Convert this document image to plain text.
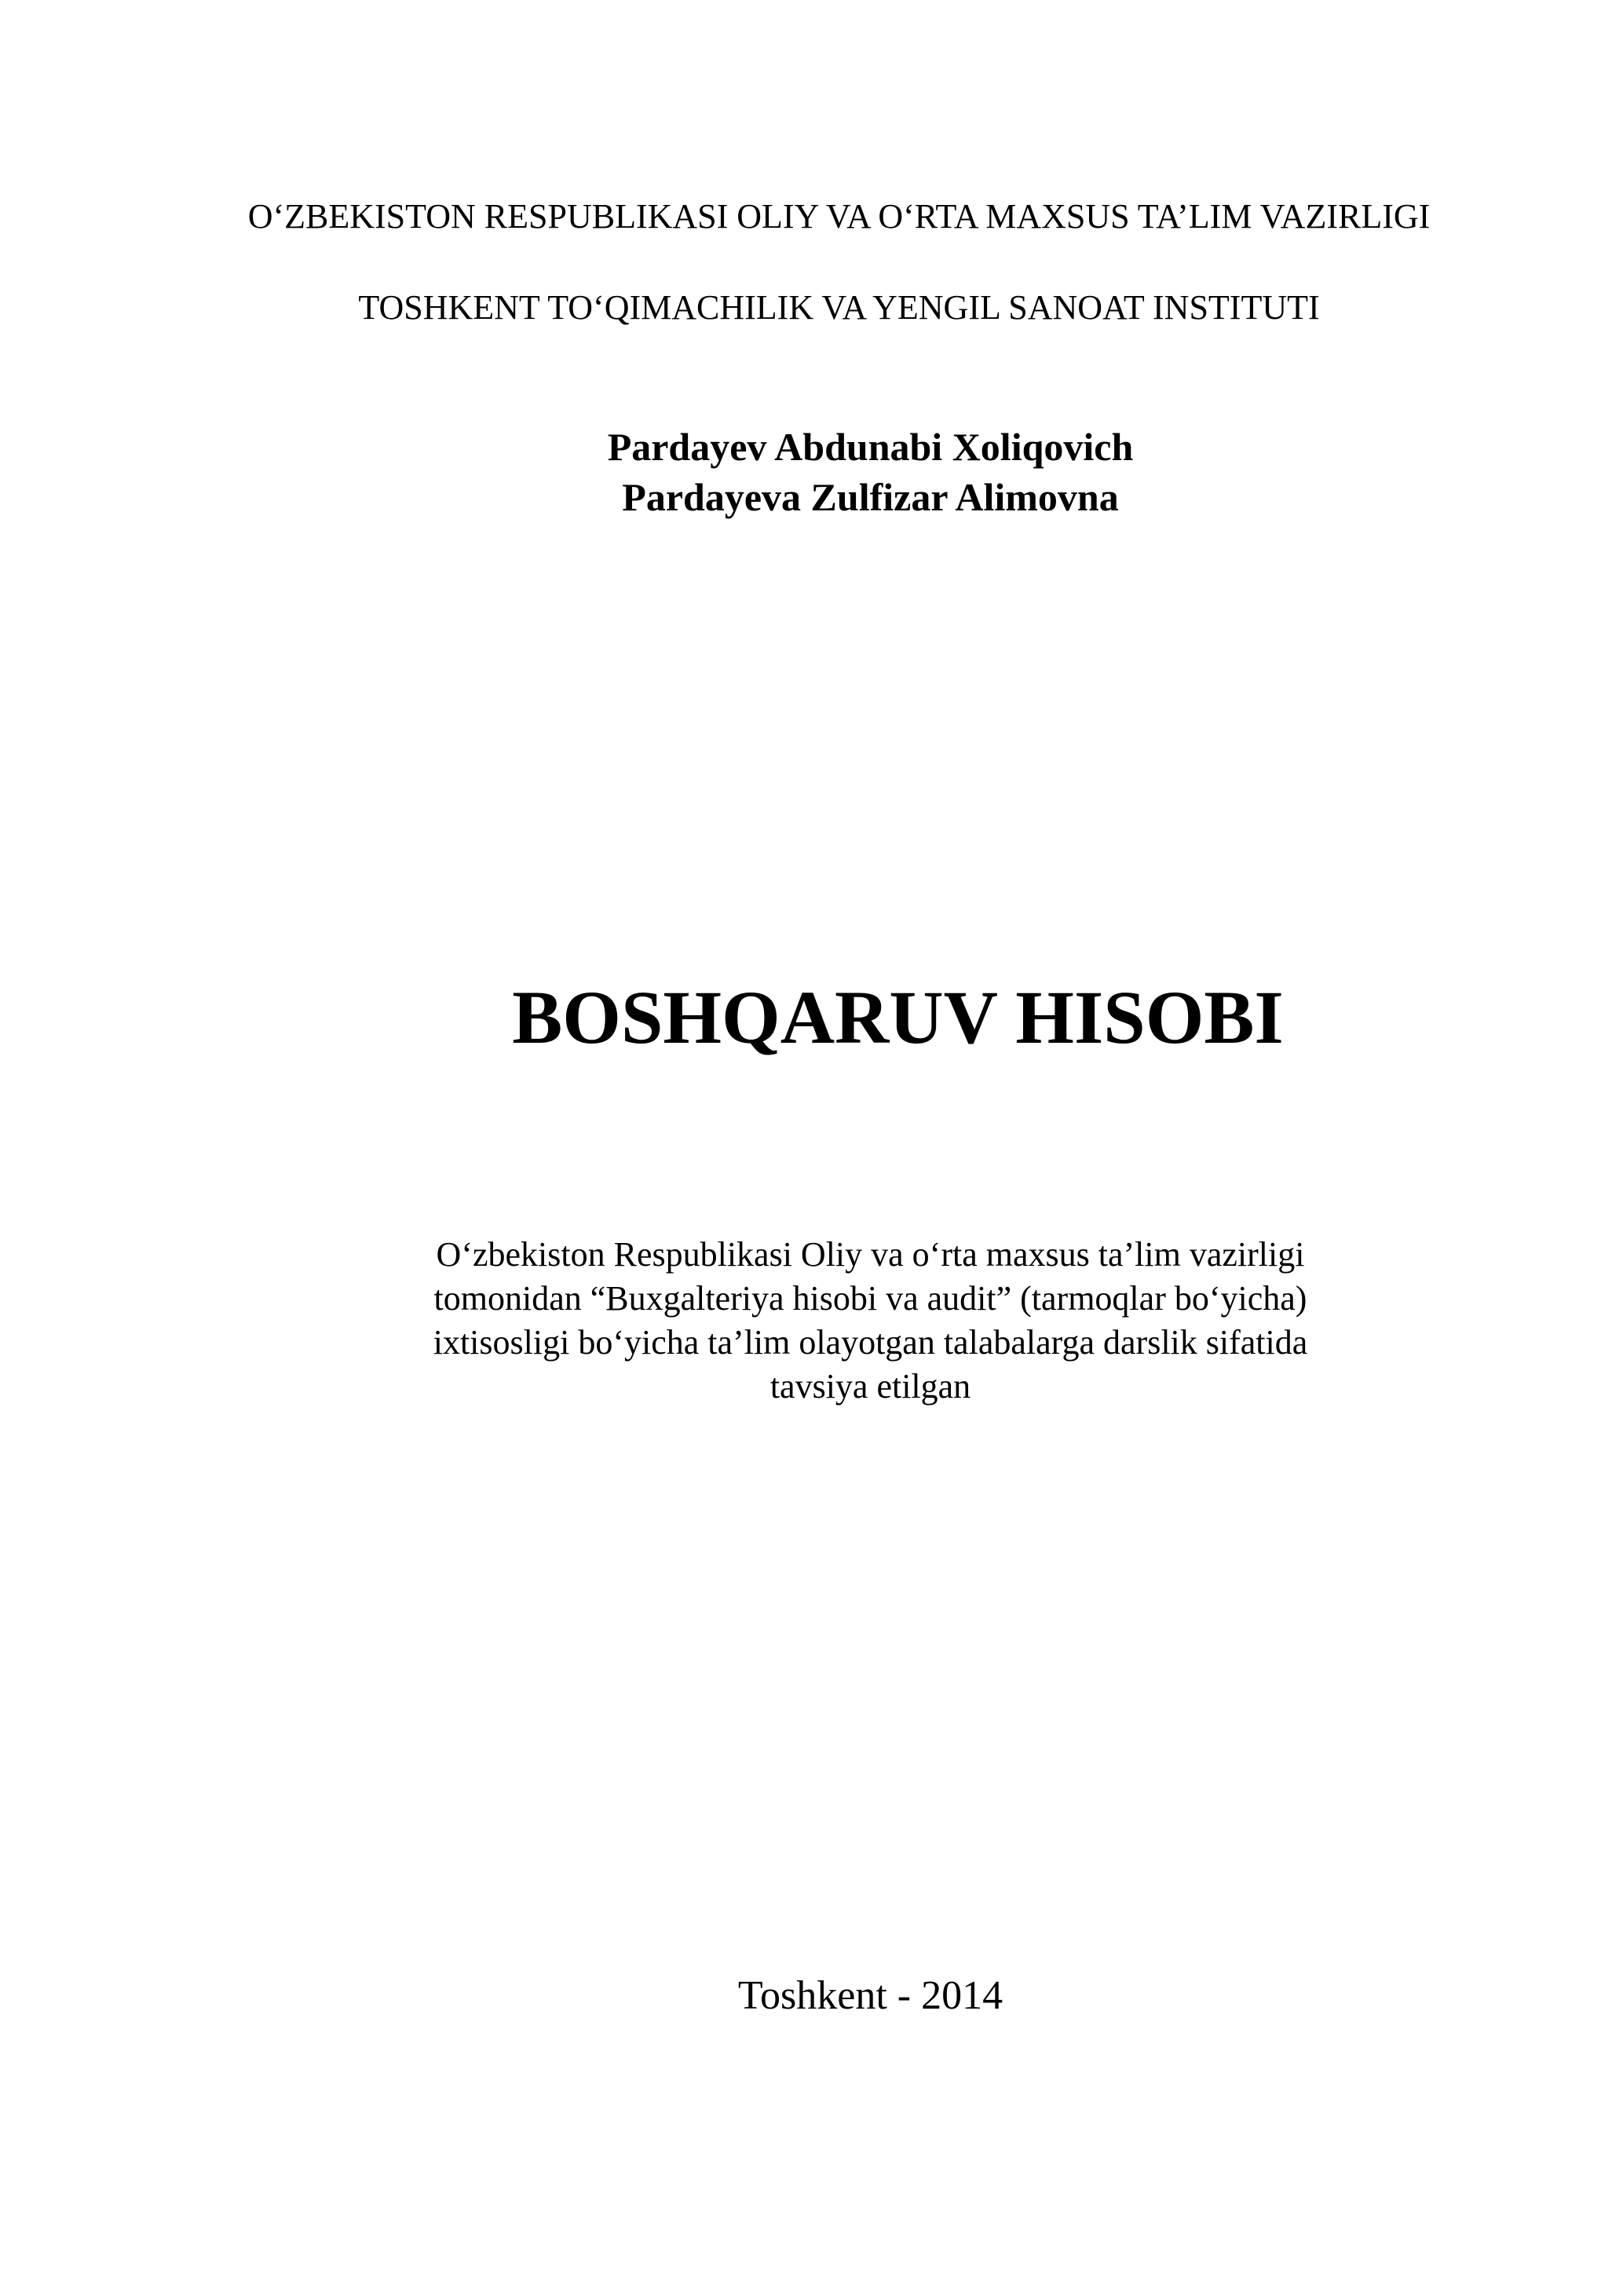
O‘ZBEKISTON RESPUBLIKASI OLIY VA O‘RTA MAXSUS TA’LIM VAZIRLIGI
TOSHKENT TO‘QIMACHILIK VA YENGIL SANOAT INSTITUTI
Pardayev Abdunabi Xoliqovich
Pardayeva Zulfizar Alimovna
BOSHQARUV HISOBI
O‘zbekiston Respublikasi Oliy va o‘rta maxsus ta’lim vazirligi
tomonidan “Buxgalteriya hisobi va audit” (tarmoqlar bo‘yicha)
ixtisosligi bo‘yicha ta’lim olayotgan talabalarga darslik sifatida
tavsiya etilgan
Toshkent - 2014
